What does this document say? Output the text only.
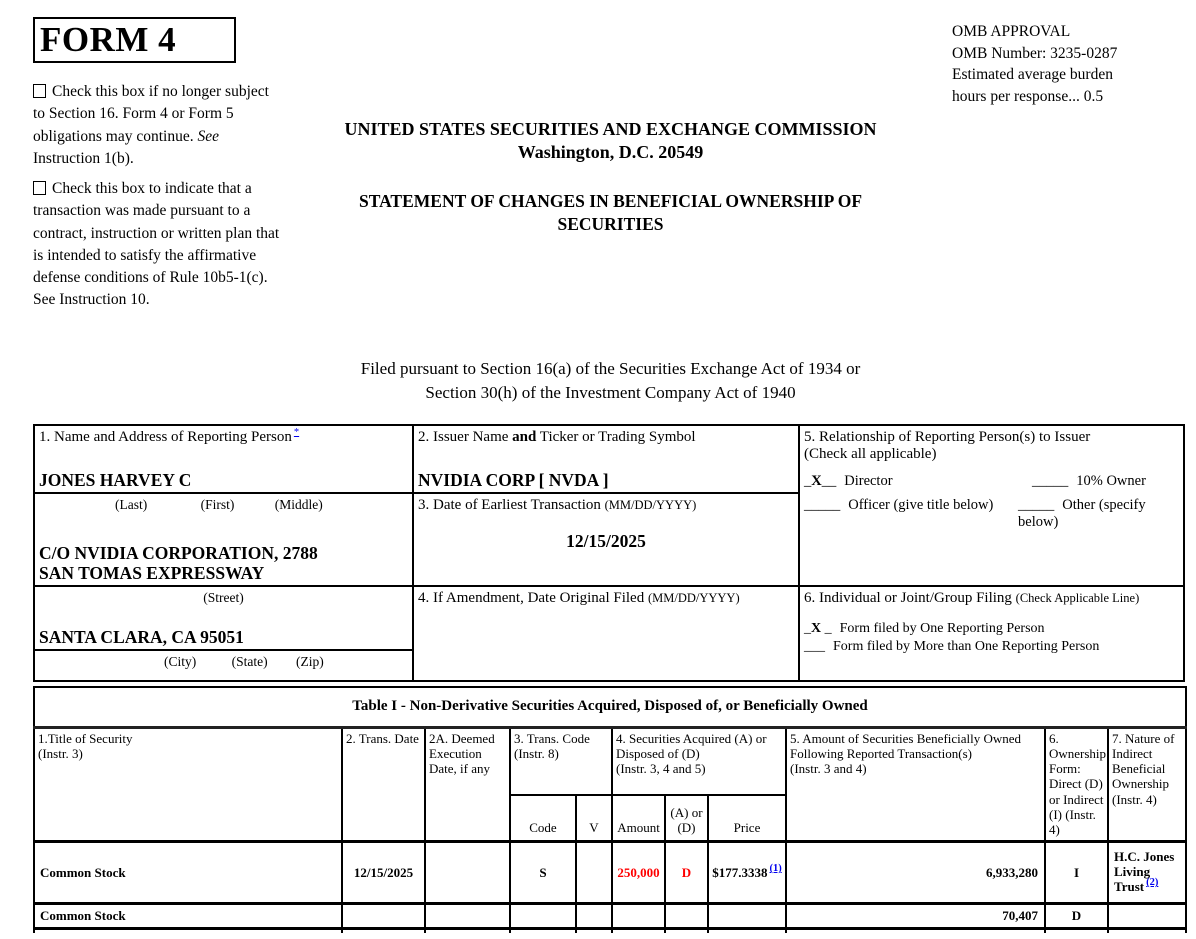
FORM 4
Check this box if no longer subject to Section 16. Form 4 or Form 5 obligations may continue. See Instruction 1(b).
Check this box to indicate that a transaction was made pursuant to a contract, instruction or written plan that is intended to satisfy the affirmative defense conditions of Rule 10b5-1(c). See Instruction 10.
OMB APPROVAL
OMB Number: 3235-0287
Estimated average burden
hours per response... 0.5
UNITED STATES SECURITIES AND EXCHANGE COMMISSION
Washington, D.C. 20549
STATEMENT OF CHANGES IN BENEFICIAL OWNERSHIP OF
SECURITIES
Filed pursuant to Section 16(a) of the Securities Exchange Act of 1934 or
Section 30(h) of the Investment Company Act of 1940
1. Name and Address of Reporting Person *
JONES HARVEY C
(Last)	(First)	(Middle)
C/O NVIDIA CORPORATION, 2788
SAN TOMAS EXPRESSWAY
(Street)
SANTA CLARA, CA 95051
(City)	(State) (Zip)
2. Issuer Name and Ticker or Trading Symbol
NVIDIA CORP [ NVDA ]
3. Date of Earliest Transaction (MM/DD/YYYY)
12/15/2025
4. If Amendment, Date Original Filed (MM/DD/YYYY)
5. Relationship of Reporting Person(s) to Issuer
(Check all applicable)
_X__ Director	_____ 10% Owner
_____ Officer (give title below)	_____ Other (specify below)
6. Individual or Joint/Group Filing (Check Applicable Line)
_X _ Form filed by One Reporting Person
___ Form filed by More than One Reporting Person
Table I - Non-Derivative Securities Acquired, Disposed of, or Beneficially Owned										

1.Title of Security
(Instr. 3)
	2. Trans. Date	2A. Deemed Execution Date, if any	
3. Trans. Code
(Instr. 8)

4. Securities Acquired (A) or Disposed of (D)
(Instr. 3, 4 and 5)

5. Amount of Securities Beneficially Owned Following Reported Transaction(s)
(Instr. 3 and 4)
	6. Ownership Form: Direct (D) or Indirect (I) (Instr. 4)	7. Nature of Indirect Beneficial Ownership (Instr. 4)
			Code	V	Amount	(A) or (D)	Price			
Common Stock	12/15/2025		S		250,000	D	$177.3338 $^{(1)}$	6,933,280	I	H.C. Jones Living Trust $^{(2)}$
Common Stock								70,407	D	
